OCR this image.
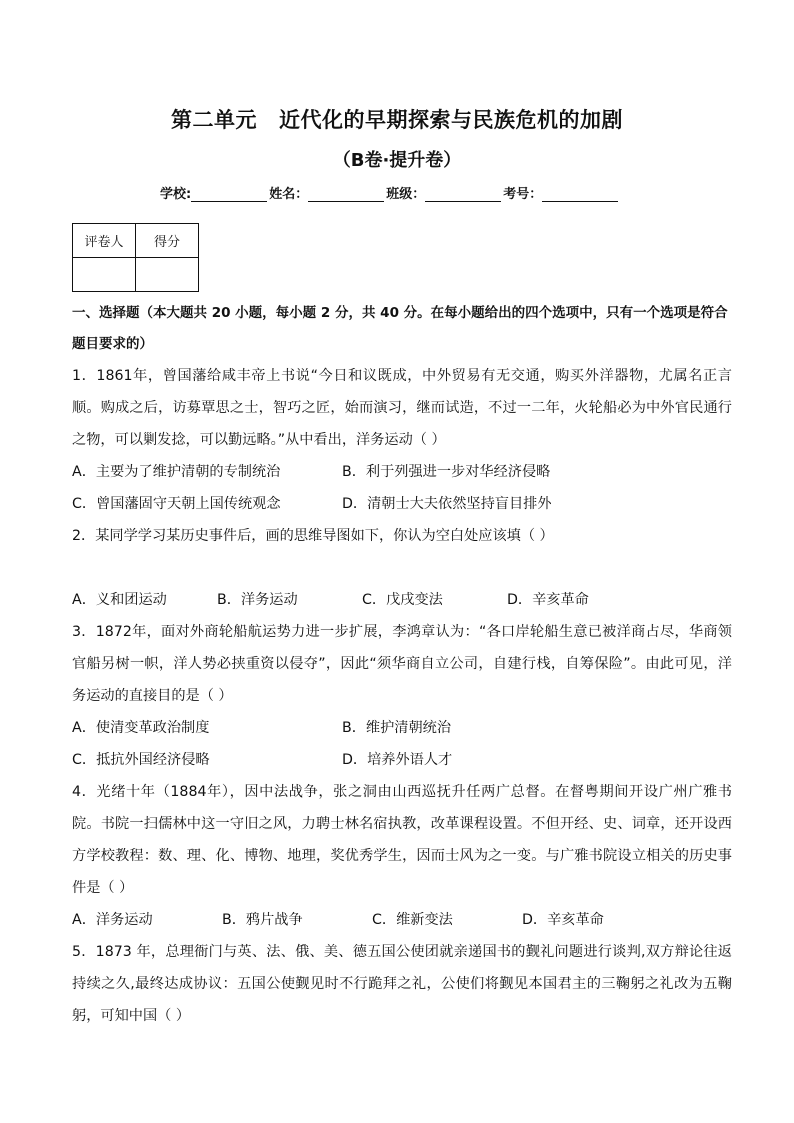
第二单元 近代化的早期探索与民族危机的加剧
（B卷·提升卷）
学校:	姓名：	班级：	考号：
评卷人	得分

一、选择题（本大题共 20 小题，每小题 2 分，共 40 分。在每小题给出的四个选项中，只有一个选项是符合题目要求的）

1．1861年，曾国藩给咸丰帝上书说“今日和议既成，中外贸易有无交通，购买外洋器物，尤属名正言顺。购成之后，访募覃思之士，智巧之匠，始而演习，继而试造，不过一二年，火轮船必为中外官民通行之物，可以剿发捻，可以勤远略。”从中看出，洋务运动（ ）

A．主要为了维护清朝的专制统治	B．利于列强进一步对华经济侵略
C．曾国藩固守天朝上国传统观念	D．清朝士大夫依然坚持盲目排外

2．某同学学习某历史事件后，画的思维导图如下，你认为空白处应该填（ ）

A．义和团运动	B．洋务运动	C．戊戌变法	D．辛亥革命

3．1872年，面对外商轮船航运势力进一步扩展，李鸿章认为：“各口岸轮船生意已被洋商占尽，华商领官船另树一帜，洋人势必挟重资以侵夺”，因此“须华商自立公司，自建行栈，自筹保险”。由此可见，洋务运动的直接目的是（ ）

A．使清变革政治制度	B．维护清朝统治
C．抵抗外国经济侵略	D．培养外语人才

4．光绪十年（1884年），因中法战争，张之洞由山西巡抚升任两广总督。在督粤期间开设广州广雅书院。书院一扫儒林中这一守旧之风，力聘士林名宿执教，改革课程设置。不但开经、史、词章，还开设西方学校教程：数、理、化、博物、地理，奖优秀学生，因而士风为之一变。与广雅书院设立相关的历史事件是（ ）

A．洋务运动	B．鸦片战争	C．维新变法	D．辛亥革命

5．1873 年，总理衙门与英、法、俄、美、德五国公使团就亲递国书的觐礼问题进行谈判,双方辩论往返持续之久,最终达成协议：五国公使觐见时不行跪拜之礼，公使们将觐见本国君主的三鞠躬之礼改为五鞠躬，可知中国（ ）
